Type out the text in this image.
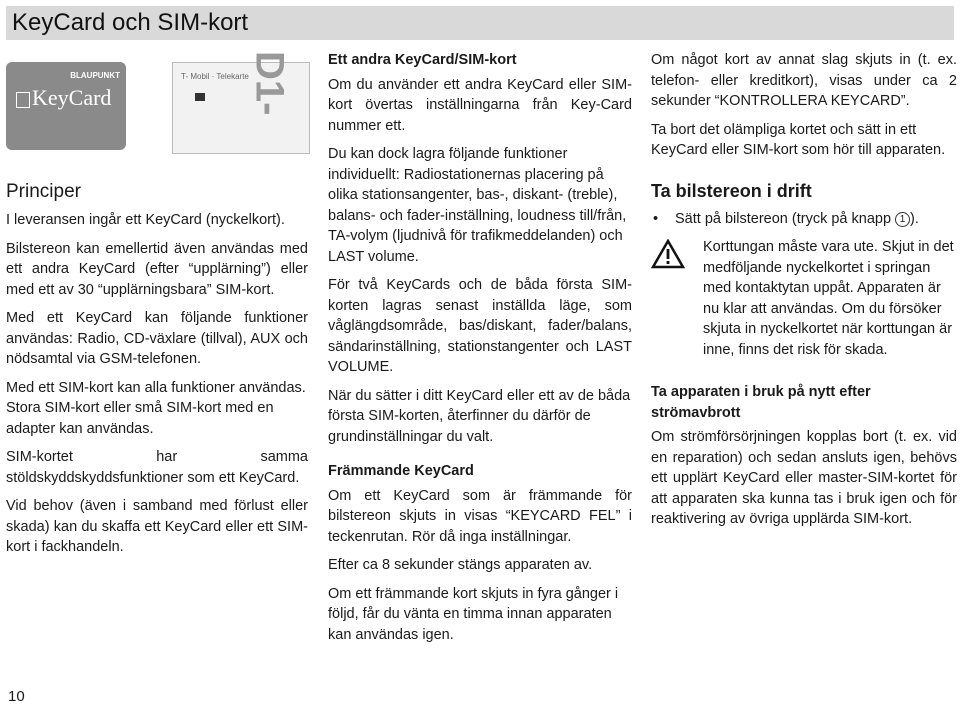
KeyCard och SIM-kort
BLAUPUNKT
KeyCard
T- Mobil · Telekarte
D1-
Principer

I leveransen ingår ett KeyCard (nyckelkort).

Bilstereon kan emellertid även användas med ett andra KeyCard (efter “upplärning”) eller med ett av 30 “upplärningsbara” SIM-kort.

Med ett KeyCard kan följande funktioner användas: Radio, CD-växlare (tillval), AUX och nödsamtal via GSM-telefonen.

Med ett SIM-kort kan alla funktioner användas. Stora SIM-kort eller små SIM-kort med en adapter kan användas.

SIM-kortet har samma stöldskyddskyddsfunktioner som ett KeyCard.

Vid behov (även i samband med förlust eller skada) kan du skaffa ett KeyCard eller ett SIM-kort i fackhandeln.

Ett andra KeyCard/SIM-kort

Om du använder ett andra KeyCard eller SIM-kort övertas inställningarna från Key-Card nummer ett.

Du kan dock lagra följande funktioner individuellt: Radiostationernas placering på olika stationsangenter, bas-, diskant- (treble), balans- och fader-inställning, loudness till/från, TA-volym (ljudnivå för trafikmeddelanden) och LAST volume.

För två KeyCards och de båda första SIM-korten lagras senast inställda läge, som våglängdsområde, bas/diskant, fader/balans, sändarinställning, stationstangenter och LAST VOLUME.

När du sätter i ditt KeyCard eller ett av de båda första SIM-korten, återfinner du därför de grundinställningar du valt.

Främmande KeyCard

Om ett KeyCard som är främmande för bilstereon skjuts in visas “KEYCARD FEL” i teckenrutan. Rör då inga inställningar.

Efter ca 8 sekunder stängs apparaten av.

Om ett främmande kort skjuts in fyra gånger i följd, får du vänta en timma innan apparaten kan användas igen.

Om något kort av annat slag skjuts in (t. ex. telefon- eller kreditkort), visas under ca 2 sekunder “KONTROLLERA KEYCARD”.

Ta bort det olämpliga kortet och sätt in ett KeyCard eller SIM-kort som hör till apparaten.

Ta bilstereon i drift

• Sätt på bilstereon (tryck på knapp 1 ).

Korttungan måste vara ute. Skjut in det medföljande nyckelkortet i springan med kontaktytan uppåt. Apparaten är nu klar att användas. Om du försöker skjuta in nyckelkortet när korttungan är inne, finns det risk för skada.

Ta apparaten i bruk på nytt efter strömavbrott

Om strömförsörjningen kopplas bort (t. ex. vid en reparation) och sedan ansluts igen, behövs ett upplärt KeyCard eller master-SIM-kortet för att apparaten ska kunna tas i bruk igen och för reaktivering av övriga upplärda SIM-kort.

10
